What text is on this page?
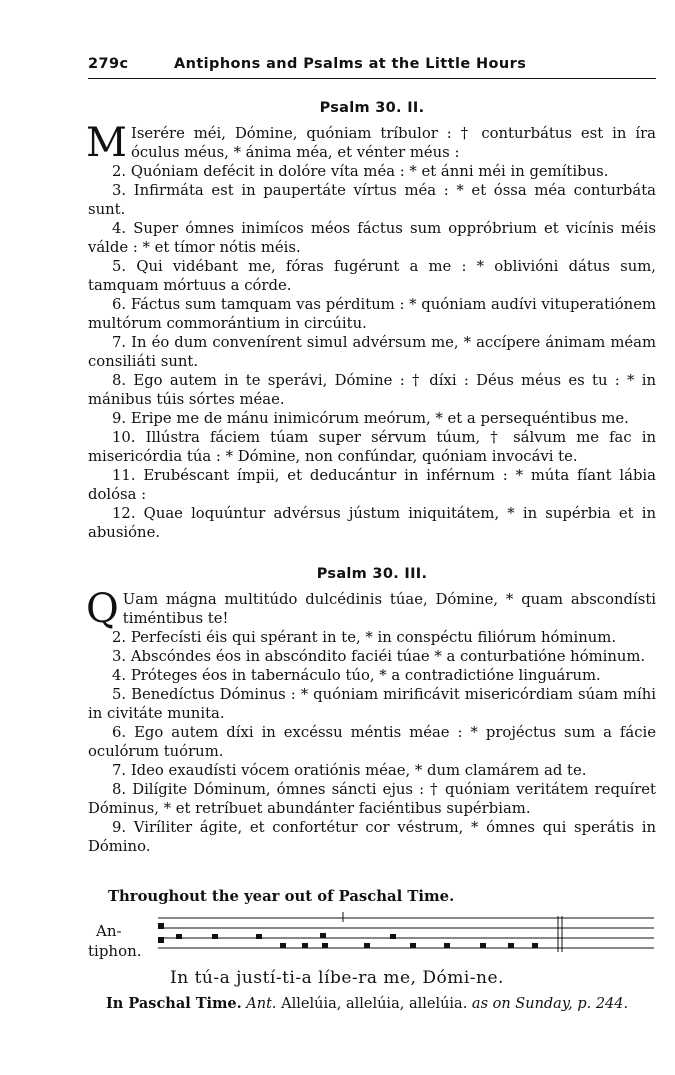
279c	Antiphons and Psalms at the Little Hours
Psalm 30. II.
M Iserére méi, Dómine, quóniam tríbulor : † conturbátus est in íra óculus méus, * ánima méa, et vénter méus :
2. Quóniam defécit in dolóre víta méa : * et ánni méi in gemítibus.
3. Infirmáta est in paupertáte vírtus méa : * et óssa méa conturbáta sunt.
4. Super ómnes inimícos méos fáctus sum oppróbrium et vicínis méis válde : * et tímor nótis méis.
5. Qui vidébant me, fóras fugérunt a me : * oblivióni dátus sum, tamquam mórtuus a córde.
6. Fáctus sum tamquam vas pérditum : * quóniam audívi vituperatiónem multórum commorántium in circúitu.
7. In éo dum convenírent simul advérsum me, * accípere ánimam méam consiliáti sunt.
8. Ego autem in te sperávi, Dómine : † díxi : Déus méus es tu : * in mánibus túis sórtes méae.
9. Eripe me de mánu inimicórum meórum, * et a persequéntibus me.
10. Illústra fáciem túam super sérvum túum, † sálvum me fac in misericórdia túa : * Dómine, non confúndar, quóniam invocávi te.
11. Erubéscant ímpii, et deducántur in inférnum : * múta fíant lábia dolósa :
12. Quae loquúntur advérsus jústum iniquitátem, * in supérbia et in abusióne.
Psalm 30. III.
Q Uam mágna multitúdo dulcédinis túae, Dómine, * quam abscondísti timéntibus te!
2. Perfecísti éis qui spérant in te, * in conspéctu filiórum hóminum.
3. Abscóndes éos in abscóndito faciéi túae * a conturbatióne hóminum.
4. Próteges éos in tabernáculo túo, * a contradictióne linguárum.
5. Benedíctus Dóminus : * quóniam mirificávit misericórdiam súam míhi in civitáte munita.
6. Ego autem díxi in excéssu méntis méae : * projéctus sum a fácie oculórum tuórum.
7. Ideo exaudísti vócem oratiónis méae, * dum clamárem ad te.
8. Dilígite Dóminum, ómnes sáncti ejus : † quóniam veritátem requíret Dóminus, * et retríbuet abundánter faciéntibus supérbiam.
9. Viríliter ágite, et confortétur cor véstrum, * ómnes qui sperátis in Dómino.
Throughout the year out of Paschal Time.
An-
tiphon.
In tú-a justí-ti-a líbe-ra me, Dómi-ne.
In Paschal Time. Ant. Allelúia, allelúia, allelúia. as on Sunday, p. 244.
